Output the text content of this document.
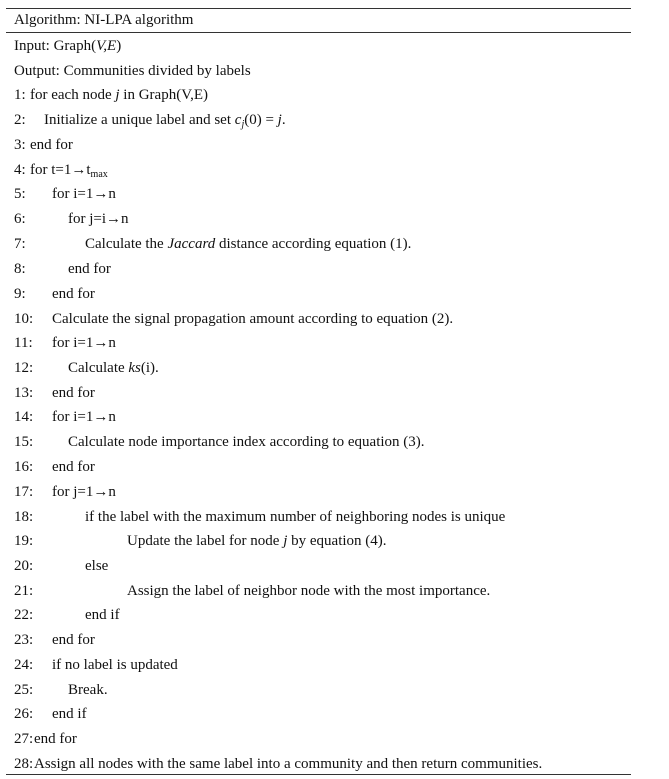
Algorithm: NI-LPA algorithm
Input: Graph(V,E)
Output: Communities divided by labels
1: for each node j in Graph(V,E)
2: Initialize a unique label and set $c_j(0) = j$.
3: end for
4: for $t=1\to t_{max}$
5: for i=1→n
6:	for j=i→n
7:	Calculate the Jaccard distance according equation (1).
8:	end for
9: end for
10: Calculate the signal propagation amount according to equation (2).
11: for i=1→n
12: Calculate ks(i).
13: end for
14: for i=1→n
15: Calculate node importance index according to equation (3).
16: end for
17: for j=1→n
18:	if the label with the maximum number of neighboring nodes is unique
19:	Update the label for node j by equation (4).
20:	else
21:	Assign the label of neighbor node with the most importance.
22:	end if
23: end for
24: if no label is updated
25: Break.
26: end if
27: end for
28: Assign all nodes with the same label into a community and then return communities.
